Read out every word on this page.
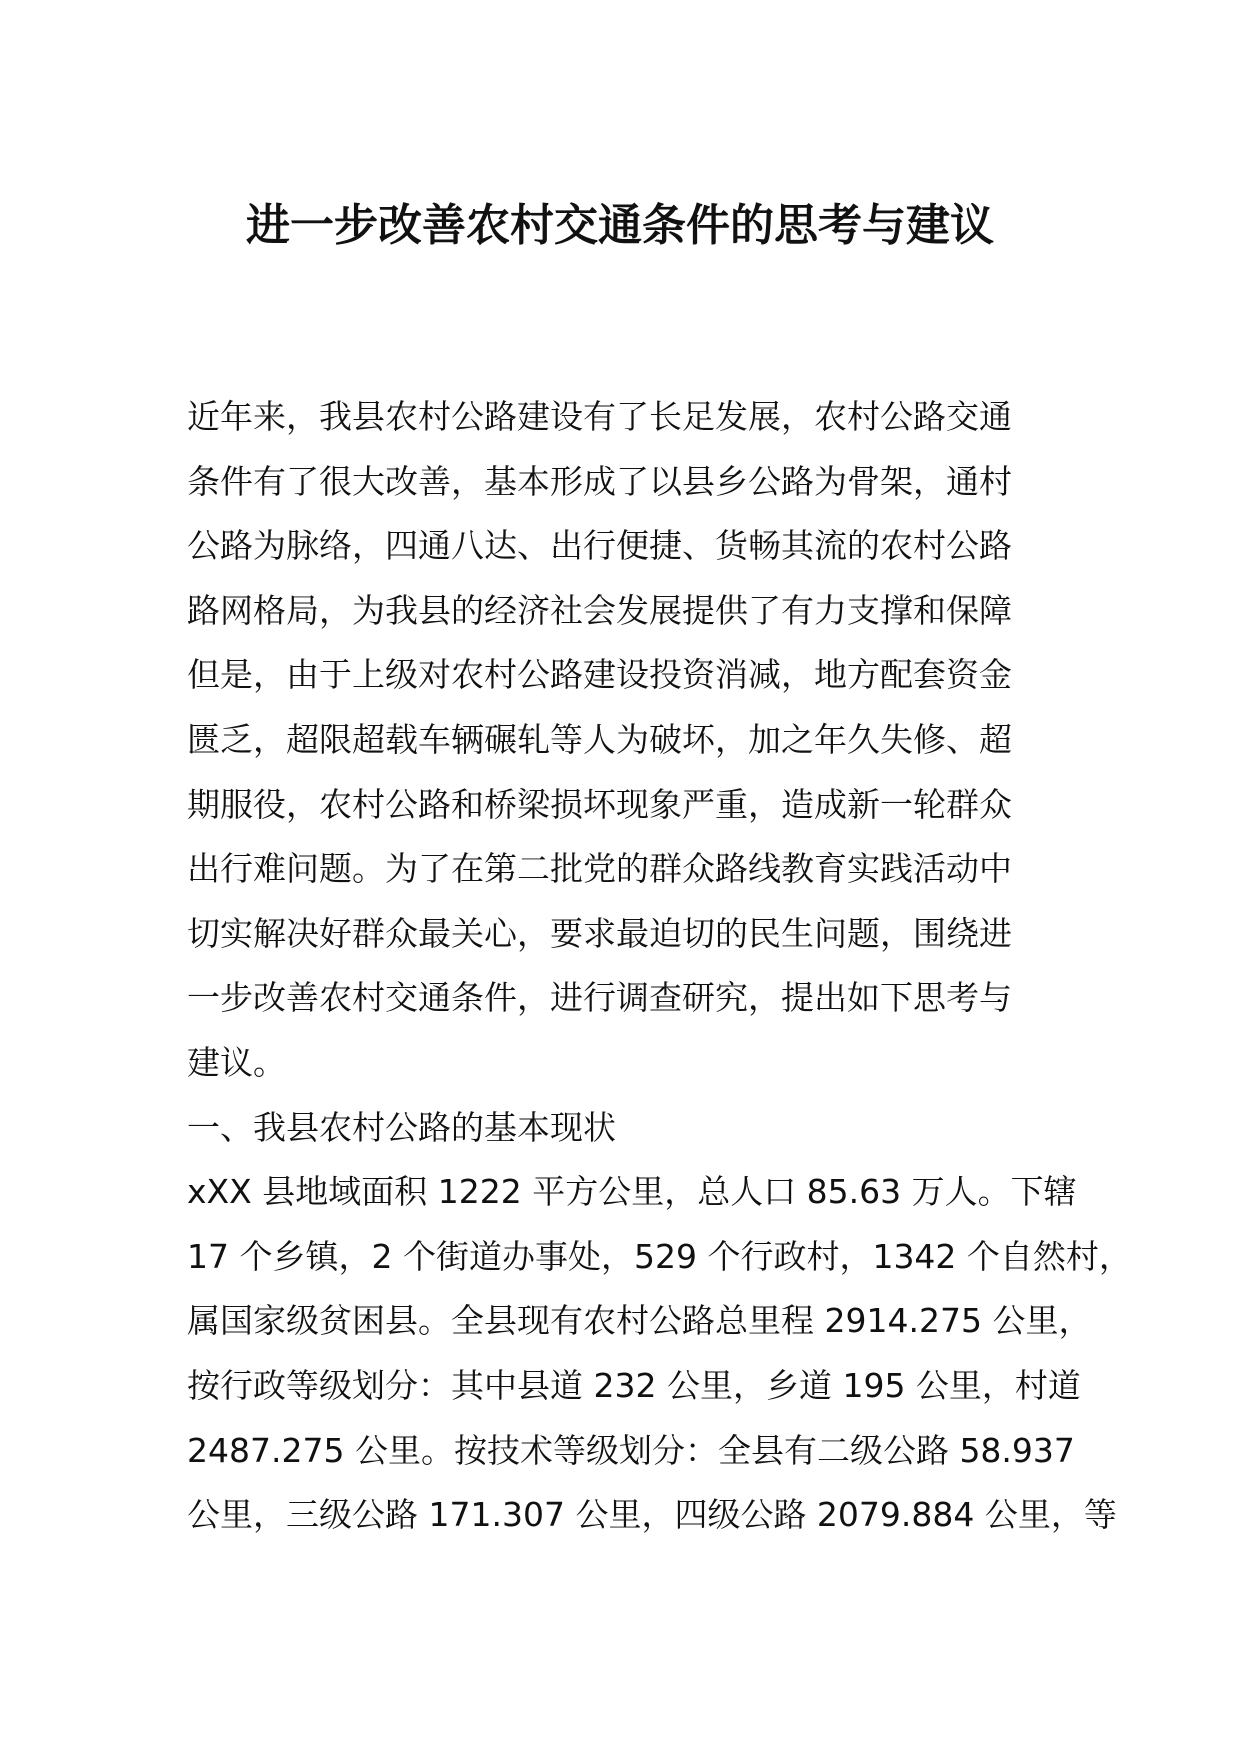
进一步改善农村交通条件的思考与建议
近年来，我县农村公路建设有了长足发展，农村公路交通
条件有了很大改善，基本形成了以县乡公路为骨架，通村
公路为脉络，四通八达、出行便捷、货畅其流的农村公路
路网格局，为我县的经济社会发展提供了有力支撑和保障
但是，由于上级对农村公路建设投资消减，地方配套资金
匮乏，超限超载车辆碾轧等人为破坏，加之年久失修、超
期服役，农村公路和桥梁损坏现象严重，造成新一轮群众
出行难问题。为了在第二批党的群众路线教育实践活动中
切实解决好群众最关心，要求最迫切的民生问题，围绕进
一步改善农村交通条件，进行调查研究，提出如下思考与
建议。
一、我县农村公路的基本现状
xXX 县地域面积 1222 平方公里，总人口 85.63 万人。下辖
17 个乡镇，2 个街道办事处，529 个行政村，1342 个自然村，
属国家级贫困县。全县现有农村公路总里程 2914.275 公里，
按行政等级划分：其中县道 232 公里，乡道 195 公里，村道
2487.275 公里。按技术等级划分：全县有二级公路 58.937
公里，三级公路 171.307 公里，四级公路 2079.884 公里，等
